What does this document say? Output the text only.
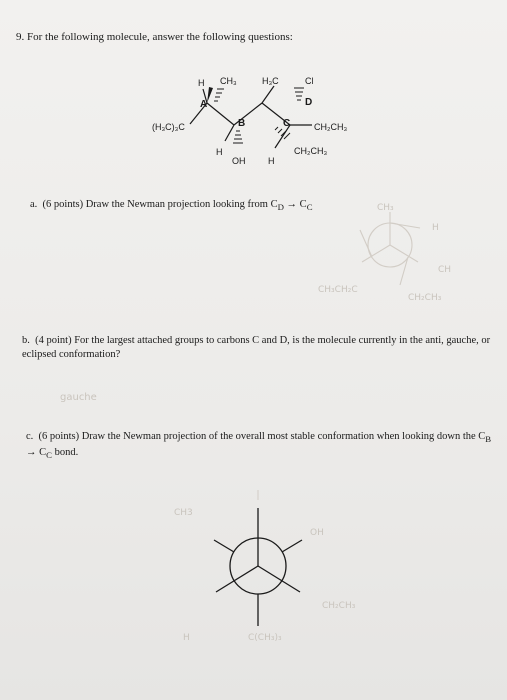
9. For the following molecule, answer the following questions:
H CH₃	H₃C	Cl
A
B	C
D
(H₃C)₃C	CH₂CH₃
CH₂CH₃
H
OH	H
a. (6 points) Draw the Newman projection looking from $C_D \to C_C$	CH₃
H
CH
CH₃CH₂C
CH₂CH₃
b. (4 point) For the largest attached groups to carbons C and D, is the molecule currently in the anti, gauche, or eclipsed conformation?
gauche
c. (6 points) Draw the Newman projection of the overall most stable conformation when looking down the $C_B \to C_C$ bond.
CH3
OH
CH₂CH₃
C(CH₃)₃
H
